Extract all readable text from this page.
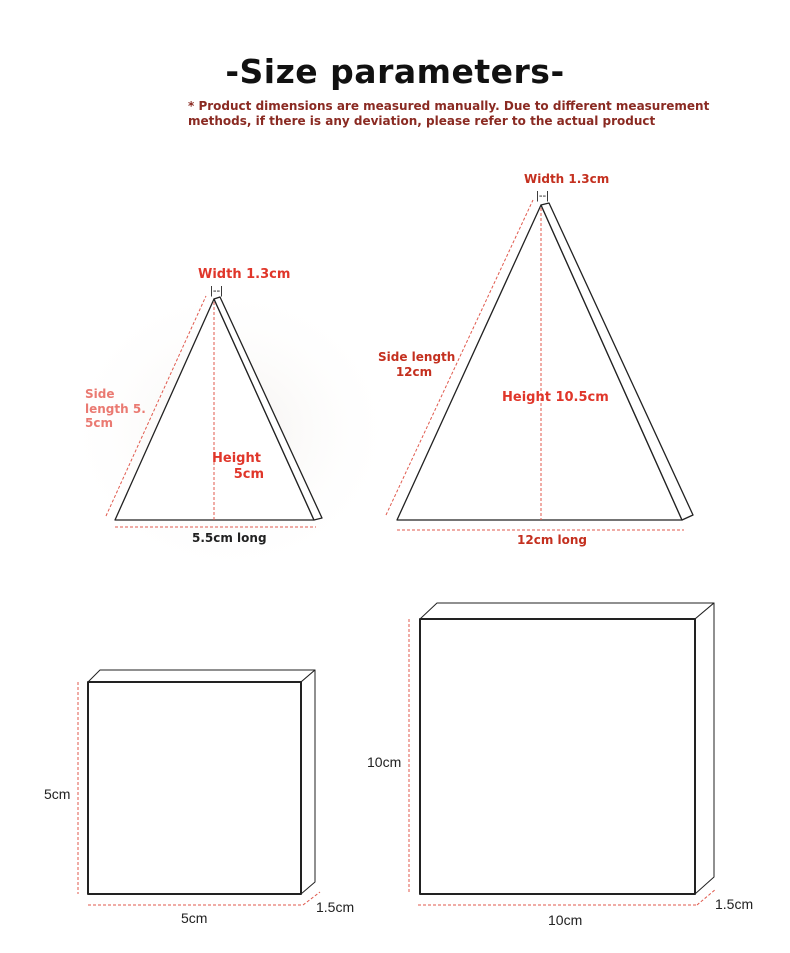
-Size parameters-

* Product dimensions are measured manually. Due to different measurement
methods, if there is any deviation, please refer to the actual product

Width 1.3cm
|--|
Side
length 5.
5cm
Height
5cm
5.5cm long
Width 1.3cm
|--|
Side length
12cm
Height 10.5cm
12cm long
5cm
5cm
1.5cm
10cm
10cm
1.5cm
